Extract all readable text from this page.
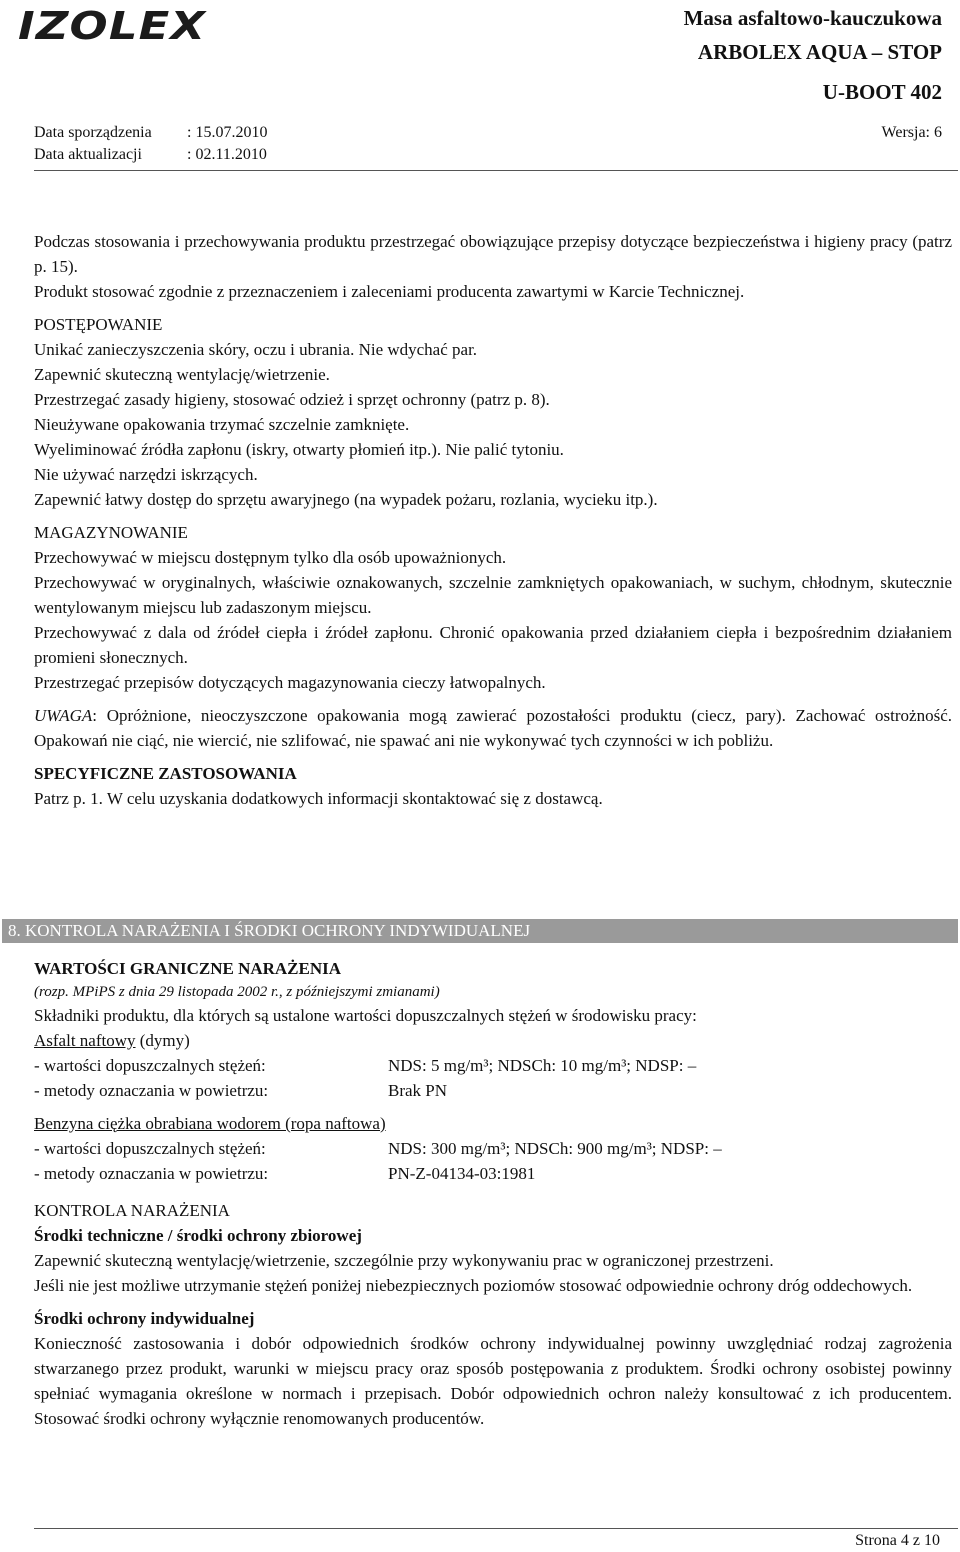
IZOLEX	Masa asfaltowo-kauczukowa
ARBOLEX AQUA – STOP
U-BOOT 402
Data sporządzenia : 15.07.2010
Data aktualizacji	: 02.11.2010
Wersja: 6

Podczas stosowania i przechowywania produktu przestrzegać obowiązujące przepisy dotyczące bezpieczeństwa i higieny pracy (patrz p. 15).

Produkt stosować zgodnie z przeznaczeniem i zaleceniami producenta zawartymi w Karcie Technicznej.

POSTĘPOWANIE

Unikać zanieczyszczenia skóry, oczu i ubrania. Nie wdychać par.

Zapewnić skuteczną wentylację/wietrzenie.

Przestrzegać zasady higieny, stosować odzież i sprzęt ochronny (patrz p. 8).

Nieużywane opakowania trzymać szczelnie zamknięte.

Wyeliminować źródła zapłonu (iskry, otwarty płomień itp.). Nie palić tytoniu.

Nie używać narzędzi iskrzących.

Zapewnić łatwy dostęp do sprzętu awaryjnego (na wypadek pożaru, rozlania, wycieku itp.).

MAGAZYNOWANIE

Przechowywać w miejscu dostępnym tylko dla osób upoważnionych.

Przechowywać w oryginalnych, właściwie oznakowanych, szczelnie zamkniętych opakowaniach, w suchym, chłodnym, skutecznie wentylowanym miejscu lub zadaszonym miejscu.

Przechowywać z dala od źródeł ciepła i źródeł zapłonu. Chronić opakowania przed działaniem ciepła i bezpośrednim działaniem promieni słonecznych.

Przestrzegać przepisów dotyczących magazynowania cieczy łatwopalnych.

UWAGA: Opróżnione, nieoczyszczone opakowania mogą zawierać pozostałości produktu (ciecz, pary). Zachować ostrożność. Opakowań nie ciąć, nie wiercić, nie szlifować, nie spawać ani nie wykonywać tych czynności w ich pobliżu.

SPECYFICZNE ZASTOSOWANIA

Patrz p. 1. W celu uzyskania dodatkowych informacji skontaktować się z dostawcą.

8. KONTROLA NARAŻENIA I ŚRODKI OCHRONY INDYWIDUALNEJ

WARTOŚCI GRANICZNE NARAŻENIA

(rozp. MPiPS z dnia 29 listopada 2002 r., z późniejszymi zmianami)

Składniki produktu, dla których są ustalone wartości dopuszczalnych stężeń w środowisku pracy:

Asfalt naftowy (dymy)

- wartości dopuszczalnych stężeń:	NDS: 5 mg/m³; NDSCh: 10 mg/m³; NDSP: –
- metody oznaczania w powietrzu:	Brak PN

Benzyna ciężka obrabiana wodorem (ropa naftowa)

- wartości dopuszczalnych stężeń:	NDS: 300 mg/m³; NDSCh: 900 mg/m³; NDSP: –
- metody oznaczania w powietrzu:	PN-Z-04134-03:1981

KONTROLA NARAŻENIA

Środki techniczne / środki ochrony zbiorowej

Zapewnić skuteczną wentylację/wietrzenie, szczególnie przy wykonywaniu prac w ograniczonej przestrzeni.

Jeśli nie jest możliwe utrzymanie stężeń poniżej niebezpiecznych poziomów stosować odpowiednie ochrony dróg oddechowych.

Środki ochrony indywidualnej

Konieczność zastosowania i dobór odpowiednich środków ochrony indywidualnej powinny uwzględniać rodzaj zagrożenia stwarzanego przez produkt, warunki w miejscu pracy oraz sposób postępowania z produktem. Środki ochrony osobistej powinny spełniać wymagania określone w normach i przepisach. Dobór odpowiednich ochron należy konsultować z ich producentem. Stosować środki ochrony wyłącznie renomowanych producentów.

Strona 4 z 10
